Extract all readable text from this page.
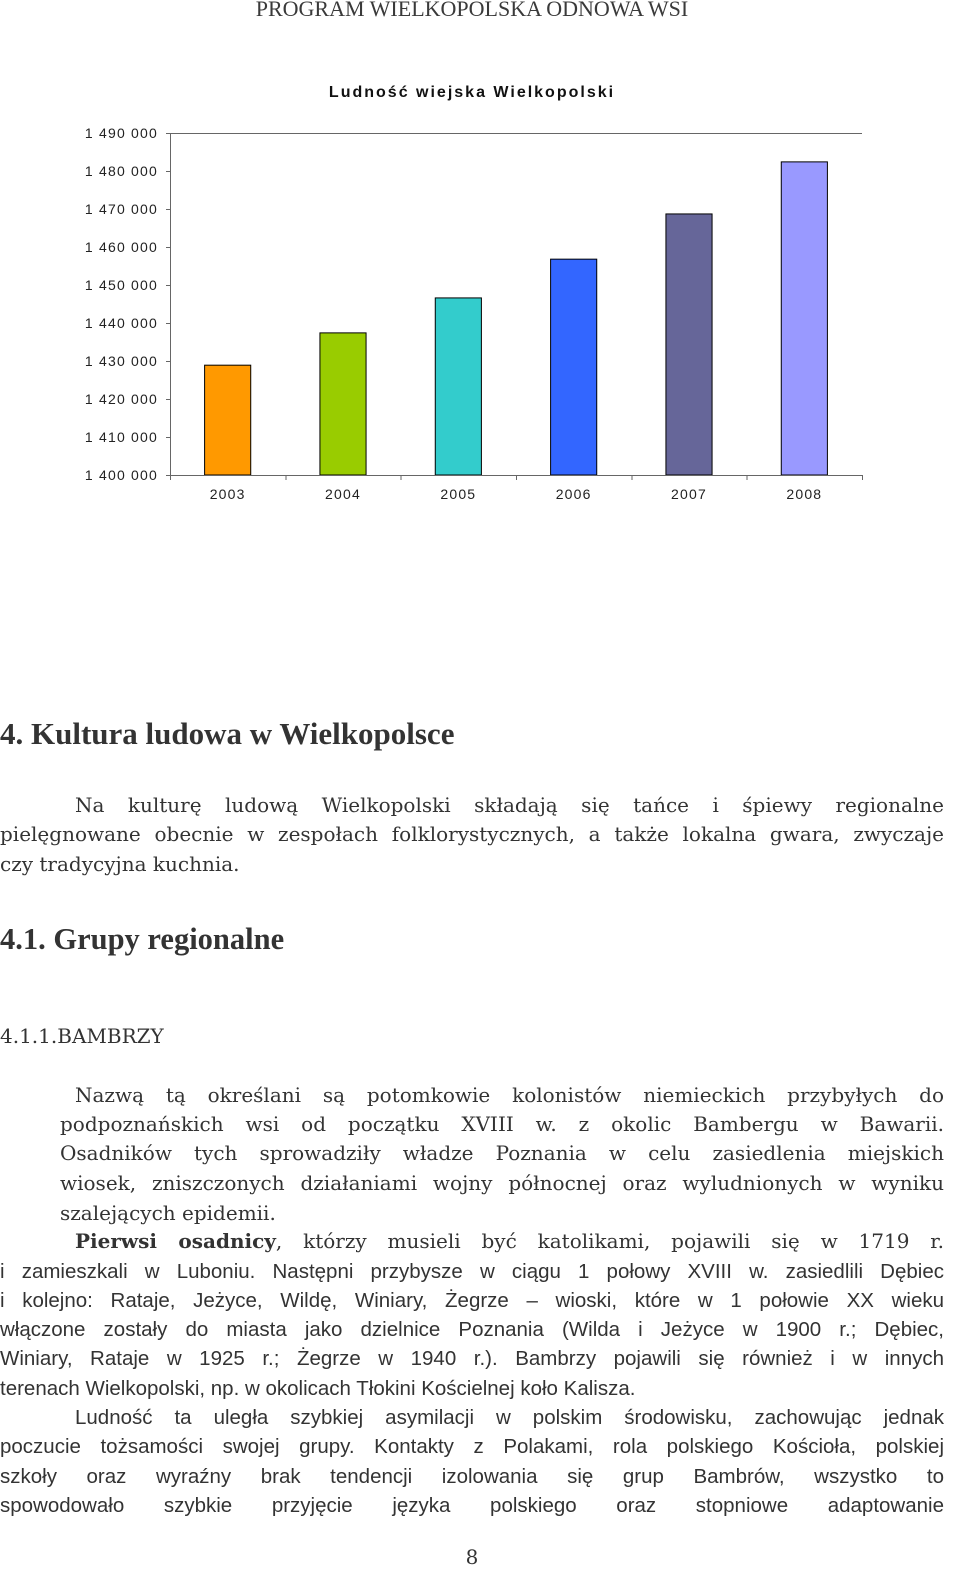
PROGRAM WIELKOPOLSKA ODNOWA WSI
Ludność wiejska Wielkopolski
1 400 000
1 410 000
1 420 000
1 430 000
1 440 000
1 450 000
1 460 000
1 470 000
1 480 000
1 490 000
2003	2004	2005	2006	2007	2008
4. Kultura ludowa w Wielkopolsce
Na kulturę ludową Wielkopolski składają się tańce i śpiewy regionalne
pielęgnowane obecnie w zespołach folklorystycznych, a także lokalna gwara, zwyczaje
czy tradycyjna kuchnia.
4.1. Grupy regionalne
4.1.1.BAMBRZY
Nazwą tą określani są potomkowie kolonistów niemieckich przybyłych do
podpoznańskich wsi od początku XVIII w. z okolic Bambergu w Bawarii.
Osadników tych sprowadziły władze Poznania w celu zasiedlenia miejskich
wiosek, zniszczonych działaniami wojny północnej oraz wyludnionych w wyniku
szalejących epidemii.
Pierwsi osadnicy, którzy musieli być katolikami, pojawili się w 1719 r.
i zamieszkali w Luboniu. Następni przybysze w ciągu 1 połowy XVIII w. zasiedlili Dębiec
i kolejno: Rataje, Jeżyce, Wildę, Winiary, Żegrze – wioski, które w 1 połowie XX wieku
włączone zostały do miasta jako dzielnice Poznania (Wilda i Jeżyce w 1900 r.; Dębiec,
Winiary, Rataje w 1925 r.; Żegrze w 1940 r.). Bambrzy pojawili się również i w innych
terenach Wielkopolski, np. w okolicach Tłokini Kościelnej koło Kalisza.
Ludność ta uległa szybkiej asymilacji w polskim środowisku, zachowując jednak
poczucie tożsamości swojej grupy. Kontakty z Polakami, rola polskiego Kościoła, polskiej
szkoły oraz wyraźny brak tendencji izolowania się grup Bambrów, wszystko to
spowodowało szybkie przyjęcie języka polskiego oraz stopniowe adaptowanie
8
